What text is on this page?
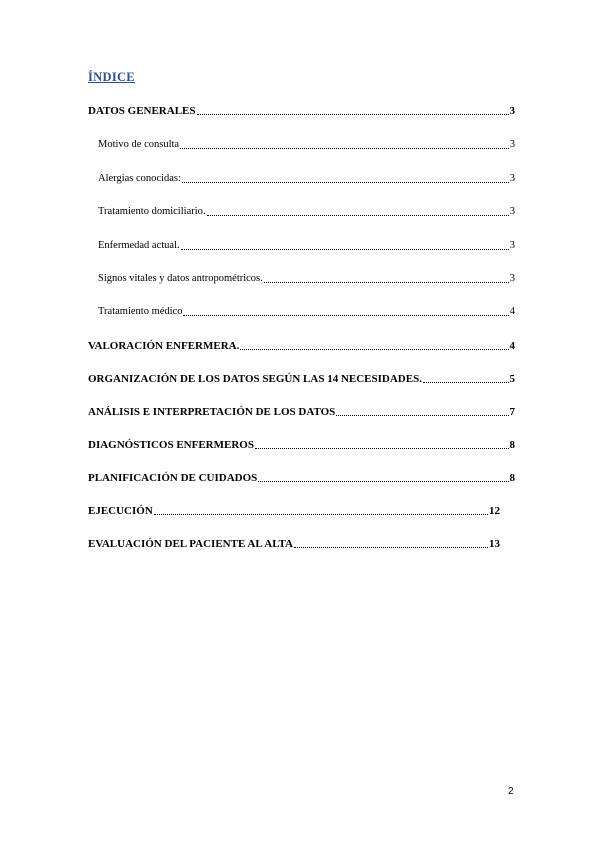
ÍNDICE
DATOS GENERALES	3
Motivo de consulta	3
Alergias conocidas:	3
Tratamiento domiciliario.	3
Enfermedad actual.	3
Signos vitales y datos antropométricos.	3
Tratamiento médico	4
VALORACIÓN ENFERMERA.	4
ORGANIZACIÓN DE LOS DATOS SEGÚN LAS 14 NECESIDADES.	5
ANÁLISIS E INTERPRETACIÓN DE LOS DATOS	7
DIAGNÓSTICOS ENFERMEROS	8
PLANIFICACIÓN DE CUIDADOS	8
EJECUCIÓN	12
EVALUACIÓN DEL PACIENTE AL ALTA	13
2
